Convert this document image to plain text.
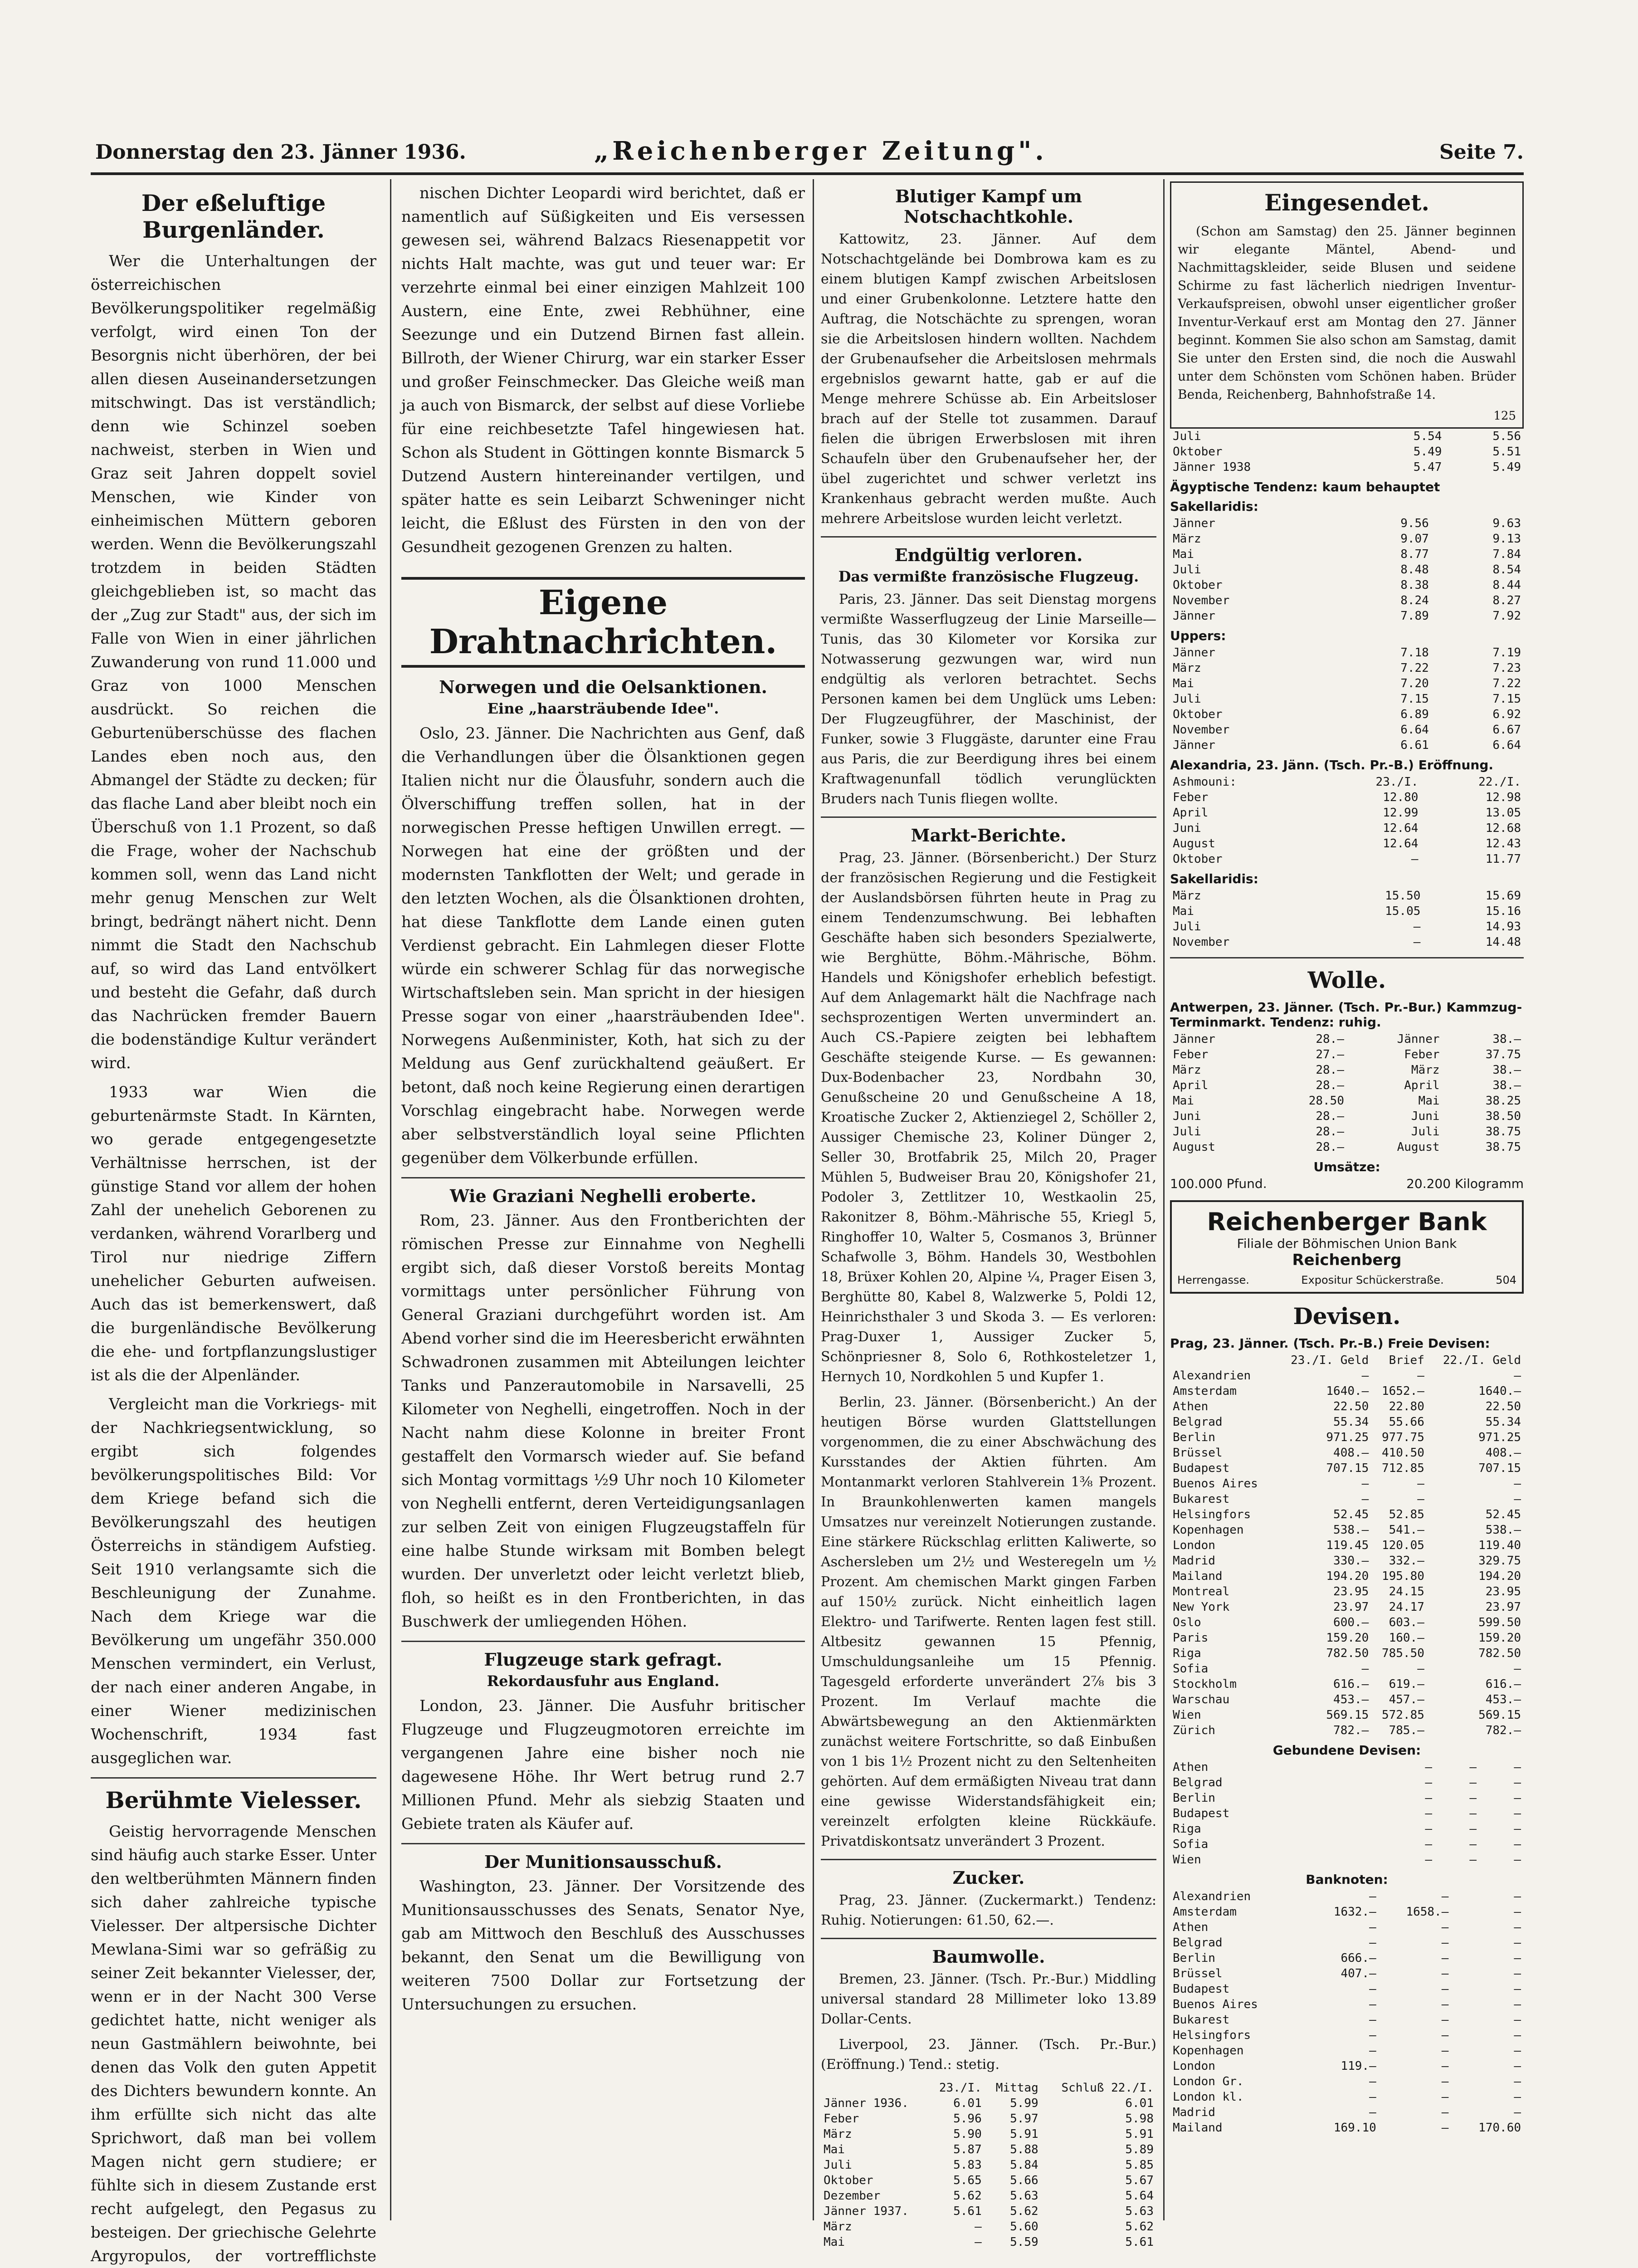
Donnerstag den 23. Jänner 1936.	„Reichenberger Zeitung".	Seite 7.
Der eßeluftige Burgenländer.

Wer die Unterhaltungen der österreichischen Bevölkerungspolitiker regelmäßig verfolgt, wird einen Ton der Besorgnis nicht überhören, der bei allen diesen Auseinandersetzungen mitschwingt. Das ist verständlich; denn wie Schinzel soeben nachweist, sterben in Wien und Graz seit Jahren doppelt soviel Menschen, wie Kinder von einheimischen Müttern geboren werden. Wenn die Bevölkerungszahl trotzdem in beiden Städten gleichgeblieben ist, so macht das der „Zug zur Stadt" aus, der sich im Falle von Wien in einer jährlichen Zuwanderung von rund 11.000 und Graz von 1000 Menschen ausdrückt. So reichen die Geburtenüberschüsse des flachen Landes eben noch aus, den Abmangel der Städte zu decken; für das flache Land aber bleibt noch ein Überschuß von 1.1 Prozent, so daß die Frage, woher der Nachschub kommen soll, wenn das Land nicht mehr genug Menschen zur Welt bringt, bedrängt nähert nicht. Denn nimmt die Stadt den Nachschub auf, so wird das Land entvölkert und besteht die Gefahr, daß durch das Nachrücken fremder Bauern die bodenständige Kultur verändert wird.

1933 war Wien die geburtenärmste Stadt. In Kärnten, wo gerade entgegengesetzte Verhältnisse herrschen, ist der günstige Stand vor allem der hohen Zahl der unehelich Geborenen zu verdanken, während Vorarlberg und Tirol nur niedrige Ziffern unehelicher Geburten aufweisen. Auch das ist bemerkenswert, daß die burgenländische Bevölkerung die ehe- und fortpflanzungslustiger ist als die der Alpenländer.

Vergleicht man die Vorkriegs- mit der Nachkriegsentwicklung, so ergibt sich folgendes bevölkerungspolitisches Bild: Vor dem Kriege befand sich die Bevölkerungszahl des heutigen Österreichs in ständigem Aufstieg. Seit 1910 verlangsamte sich die Beschleunigung der Zunahme. Nach dem Kriege war die Bevölkerung um ungefähr 350.000 Menschen vermindert, ein Verlust, der nach einer anderen Angabe, in einer Wiener medizinischen Wochenschrift, 1934 fast ausgeglichen war.

Berühmte Vielesser.

Geistig hervorragende Menschen sind häufig auch starke Esser. Unter den weltberühmten Männern finden sich daher zahlreiche typische Vielesser. Der altpersische Dichter Mewlana-Simi war so gefräßig zu seiner Zeit bekannter Vielesser, der, wenn er in der Nacht 300 Verse gedichtet hatte, nicht weniger als neun Gastmählern beiwohnte, bei denen das Volk den guten Appetit des Dichters bewundern konnte. An ihm erfüllte sich nicht das alte Sprichwort, daß man bei vollem Magen nicht gern studiere; er fühlte sich in diesem Zustande erst recht aufgelegt, den Pegasus zu besteigen. Der griechische Gelehrte Argyropulos, der vortrefflichste

nischen Dichter Leopardi wird berichtet, daß er namentlich auf Süßigkeiten und Eis versessen gewesen sei, während Balzacs Riesenappetit vor nichts Halt machte, was gut und teuer war: Er verzehrte einmal bei einer einzigen Mahlzeit 100 Austern, eine Ente, zwei Rebhühner, eine Seezunge und ein Dutzend Birnen fast allein. Billroth, der Wiener Chirurg, war ein starker Esser und großer Feinschmecker. Das Gleiche weiß man ja auch von Bismarck, der selbst auf diese Vorliebe für eine reichbesetzte Tafel hingewiesen hat. Schon als Student in Göttingen konnte Bismarck 5 Dutzend Austern hintereinander vertilgen, und später hatte es sein Leibarzt Schweninger nicht leicht, die Eßlust des Fürsten in den von der Gesundheit gezogenen Grenzen zu halten.

Eigene Drahtnachrichten.
Norwegen und die Oelsanktionen.
Eine „haarsträubende Idee".

Oslo, 23. Jänner. Die Nachrichten aus Genf, daß die Verhandlungen über die Ölsanktionen gegen Italien nicht nur die Ölausfuhr, sondern auch die Ölverschiffung treffen sollen, hat in der norwegischen Presse heftigen Unwillen erregt. — Norwegen hat eine der größten und der modernsten Tankflotten der Welt; und gerade in den letzten Wochen, als die Ölsanktionen drohten, hat diese Tankflotte dem Lande einen guten Verdienst gebracht. Ein Lahmlegen dieser Flotte würde ein schwerer Schlag für das norwegische Wirtschaftsleben sein. Man spricht in der hiesigen Presse sogar von einer „haarsträubenden Idee". Norwegens Außenminister, Koth, hat sich zu der Meldung aus Genf zurückhaltend geäußert. Er betont, daß noch keine Regierung einen derartigen Vorschlag eingebracht habe. Norwegen werde aber selbstverständlich loyal seine Pflichten gegenüber dem Völkerbunde erfüllen.

Wie Graziani Neghelli eroberte.

Rom, 23. Jänner. Aus den Frontberichten der römischen Presse zur Einnahme von Neghelli ergibt sich, daß dieser Vorstoß bereits Montag vormittags unter persönlicher Führung von General Graziani durchgeführt worden ist. Am Abend vorher sind die im Heeresbericht erwähnten Schwadronen zusammen mit Abteilungen leichter Tanks und Panzerautomobile in Narsavelli, 25 Kilometer von Neghelli, eingetroffen. Noch in der Nacht nahm diese Kolonne in breiter Front gestaffelt den Vormarsch wieder auf. Sie befand sich Montag vormittags ½9 Uhr noch 10 Kilometer von Neghelli entfernt, deren Verteidigungsanlagen zur selben Zeit von einigen Flugzeugstaffeln für eine halbe Stunde wirksam mit Bomben belegt wurden. Der unverletzt oder leicht verletzt blieb, floh, so heißt es in den Frontberichten, in das Buschwerk der umliegenden Höhen.

Flugzeuge stark gefragt.
Rekordausfuhr aus England.

London, 23. Jänner. Die Ausfuhr britischer Flugzeuge und Flugzeugmotoren erreichte im vergangenen Jahre eine bisher noch nie dagewesene Höhe. Ihr Wert betrug rund 2.7 Millionen Pfund. Mehr als siebzig Staaten und Gebiete traten als Käufer auf.

Der Munitionsausschuß.

Washington, 23. Jänner. Der Vorsitzende des Munitionsausschusses des Senats, Senator Nye, gab am Mittwoch den Beschluß des Ausschusses bekannt, den Senat um die Bewilligung von weiteren 7500 Dollar zur Fortsetzung der Untersuchungen zu ersuchen.

Blutiger Kampf um Notschachtkohle.

Kattowitz, 23. Jänner. Auf dem Notschachtgelände bei Dombrowa kam es zu einem blutigen Kampf zwischen Arbeitslosen und einer Grubenkolonne. Letztere hatte den Auftrag, die Notschächte zu sprengen, woran sie die Arbeitslosen hindern wollten. Nachdem der Grubenaufseher die Arbeitslosen mehrmals ergebnislos gewarnt hatte, gab er auf die Menge mehrere Schüsse ab. Ein Arbeitsloser brach auf der Stelle tot zusammen. Darauf fielen die übrigen Erwerbslosen mit ihren Schaufeln über den Grubenaufseher her, der übel zugerichtet und schwer verletzt ins Krankenhaus gebracht werden mußte. Auch mehrere Arbeitslose wurden leicht verletzt.

Endgültig verloren.
Das vermißte französische Flugzeug.

Paris, 23. Jänner. Das seit Dienstag morgens vermißte Wasserflugzeug der Linie Marseille—Tunis, das 30 Kilometer vor Korsika zur Notwasserung gezwungen war, wird nun endgültig als verloren betrachtet. Sechs Personen kamen bei dem Unglück ums Leben: Der Flugzeugführer, der Maschinist, der Funker, sowie 3 Fluggäste, darunter eine Frau aus Paris, die zur Beerdigung ihres bei einem Kraftwagenunfall tödlich verunglückten Bruders nach Tunis fliegen wollte.

Markt-Berichte.

Prag, 23. Jänner. (Börsenbericht.) Der Sturz der französischen Regierung und die Festigkeit der Auslandsbörsen führten heute in Prag zu einem Tendenzumschwung. Bei lebhaften Geschäfte haben sich besonders Spezialwerte, wie Berghütte, Böhm.-Mährische, Böhm. Handels und Königshofer erheblich befestigt. Auf dem Anlagemarkt hält die Nachfrage nach sechsprozentigen Werten unvermindert an. Auch CS.-Papiere zeigten bei lebhaftem Geschäfte steigende Kurse. — Es gewannen: Dux-Bodenbacher 23, Nordbahn 30, Genußscheine 20 und Genußscheine A 18, Kroatische Zucker 2, Aktienziegel 2, Schöller 2, Aussiger Chemische 23, Koliner Dünger 2, Seller 30, Brotfabrik 25, Milch 20, Prager Mühlen 5, Budweiser Brau 20, Königshofer 21, Podoler 3, Zettlitzer 10, Westkaolin 25, Rakonitzer 8, Böhm.-Mährische 55, Kriegl 5, Ringhoffer 10, Walter 5, Cosmanos 3, Brünner Schafwolle 3, Böhm. Handels 30, Westbohlen 18, Brüxer Kohlen 20, Alpine ¼, Prager Eisen 3, Berghütte 80, Kabel 8, Walzwerke 5, Poldi 12, Heinrichsthaler 3 und Skoda 3. — Es verloren: Prag-Duxer 1, Aussiger Zucker 5, Schönpriesner 8, Solo 6, Rothkosteletzer 1, Hernych 10, Nordkohlen 5 und Kupfer 1.

Berlin, 23. Jänner. (Börsenbericht.) An der heutigen Börse wurden Glattstellungen vorgenommen, die zu einer Abschwächung des Kursstandes der Aktien führten. Am Montanmarkt verloren Stahlverein 1⅜ Prozent. In Braunkohlenwerten kamen mangels Umsatzes nur vereinzelt Notierungen zustande. Eine stärkere Rückschlag erlitten Kaliwerte, so Aschersleben um 2½ und Westeregeln um ½ Prozent. Am chemischen Markt gingen Farben auf 150½ zurück. Nicht einheitlich lagen Elektro- und Tarifwerte. Renten lagen fest still. Altbesitz gewannen 15 Pfennig, Umschuldungsanleihe um 15 Pfennig. Tagesgeld erforderte unverändert 2⅞ bis 3 Prozent. Im Verlauf machte die Abwärtsbewegung an den Aktienmärkten zunächst weitere Fortschritte, so daß Einbußen von 1 bis 1½ Prozent nicht zu den Seltenheiten gehörten. Auf dem ermäßigten Niveau trat dann eine gewisse Widerstandsfähigkeit ein; vereinzelt erfolgten kleine Rückkäufe. Privatdiskontsatz unverändert 3 Prozent.

Zucker.

Prag, 23. Jänner. (Zuckermarkt.) Tendenz: Ruhig. Notierungen: 61.50, 62.—.

Baumwolle.

Bremen, 23. Jänner. (Tsch. Pr.-Bur.) Middling universal standard 28 Millimeter loko 13.89 Dollar-Cents.

Liverpool, 23. Jänner. (Tsch. Pr.-Bur.) (Eröffnung.) Tend.: stetig.

	23./I.	Mittag	Schluß 22./I.
Jänner 1936.	6.01	5.99	6.01
Feber	5.96	5.97	5.98
März	5.90	5.91	5.91
Mai	5.87	5.88	5.89
Juli	5.83	5.84	5.85
Oktober	5.65	5.66	5.67
Dezember	5.62	5.63	5.64
Jänner 1937.	5.61	5.62	5.63
März	—	5.60	5.62
Mai	—	5.59	5.61
Eingesendet.

(Schon am Samstag) den 25. Jänner beginnen wir elegante Mäntel, Abend- und Nachmittagskleider, seide Blusen und seidene Schirme zu fast lächerlich niedrigen Inventur-Verkaufspreisen, obwohl unser eigentlicher großer Inventur-Verkauf erst am Montag den 27. Jänner beginnt. Kommen Sie also schon am Samstag, damit Sie unter den Ersten sind, die noch die Auswahl unter dem Schönsten vom Schönen haben. Brüder Benda, Reichenberg, Bahnhofstraße 14.

125
Juli	5.54	5.56
Oktober	5.49	5.51
Jänner 1938	5.47	5.49
Ägyptische Tendenz: kaum behauptet
Sakellaridis:
Jänner	9.56	9.63
März	9.07	9.13
Mai	8.77	7.84
Juli	8.48	8.54
Oktober	8.38	8.44
November	8.24	8.27
Jänner	7.89	7.92
Uppers:
Jänner	7.18	7.19
März	7.22	7.23
Mai	7.20	7.22
Juli	7.15	7.15
Oktober	6.89	6.92
November	6.64	6.67
Jänner	6.61	6.64
Alexandria, 23. Jänn. (Tsch. Pr.-B.) Eröffnung.
Ashmouni:	23./I.	22./I.
Feber	12.80	12.98
April	12.99	13.05
Juni	12.64	12.68
August	12.64	12.43
Oktober	—	11.77
Sakellaridis:
März	15.50	15.69
Mai	15.05	15.16
Juli	—	14.93
November	—	14.48
Wolle.
Antwerpen, 23. Jänner. (Tsch. Pr.-Bur.) Kammzug-Terminmarkt. Tendenz: ruhig.
Jänner	28.—	Jänner	38.—
Feber	27.—	Feber	37.75
März	28.—	März	38.—
April	28.—	April	38.—
Mai	28.50	Mai	38.25
Juni	28.—	Juni	38.50
Juli	28.—	Juli	38.75
August	28.—	August	38.75
Umsätze:
100.000 Pfund.	20.200 Kilogramm
Reichenberger Bank
Filiale der Böhmischen Union Bank
Reichenberg
Herrengasse.	Expositur Schückerstraße.	504
Devisen.
Prag, 23. Jänner. (Tsch. Pr.-B.) Freie Devisen:
	23./I. Geld	Brief	22./I. Geld
Alexandrien	—	—	—
Amsterdam	1640.—	1652.—	1640.—
Athen	22.50	22.80	22.50
Belgrad	55.34	55.66	55.34
Berlin	971.25	977.75	971.25
Brüssel	408.—	410.50	408.—
Budapest	707.15	712.85	707.15
Buenos Aires	—	—	—
Bukarest	—	—	—
Helsingfors	52.45	52.85	52.45
Kopenhagen	538.—	541.—	538.—
London	119.45	120.05	119.40
Madrid	330.—	332.—	329.75
Mailand	194.20	195.80	194.20
Montreal	23.95	24.15	23.95
New York	23.97	24.17	23.97
Oslo	600.—	603.—	599.50
Paris	159.20	160.—	159.20
Riga	782.50	785.50	782.50
Sofia	—	—	—
Stockholm	616.—	619.—	616.—
Warschau	453.—	457.—	453.—
Wien	569.15	572.85	569.15
Zürich	782.—	785.—	782.—
Gebundene Devisen:
Athen	—	—	—
Belgrad	—	—	—
Berlin	—	—	—
Budapest	—	—	—
Riga	—	—	—
Sofia	—	—	—
Wien	—	—	—
Banknoten:
Alexandrien	—	—	—
Amsterdam	1632.—	1658.—	—
Athen	—	—	—
Belgrad	—	—	—
Berlin	666.—	—	—
Brüssel	407.—	—	—
Budapest	—	—	—
Buenos Aires	—	—	—
Bukarest	—	—	—
Helsingfors	—	—	—
Kopenhagen	—	—	—
London	119.—	—	—
London Gr.	—	—	—
London kl.	—	—	—
Madrid	—	—	—
Mailand	169.10	—	170.60
